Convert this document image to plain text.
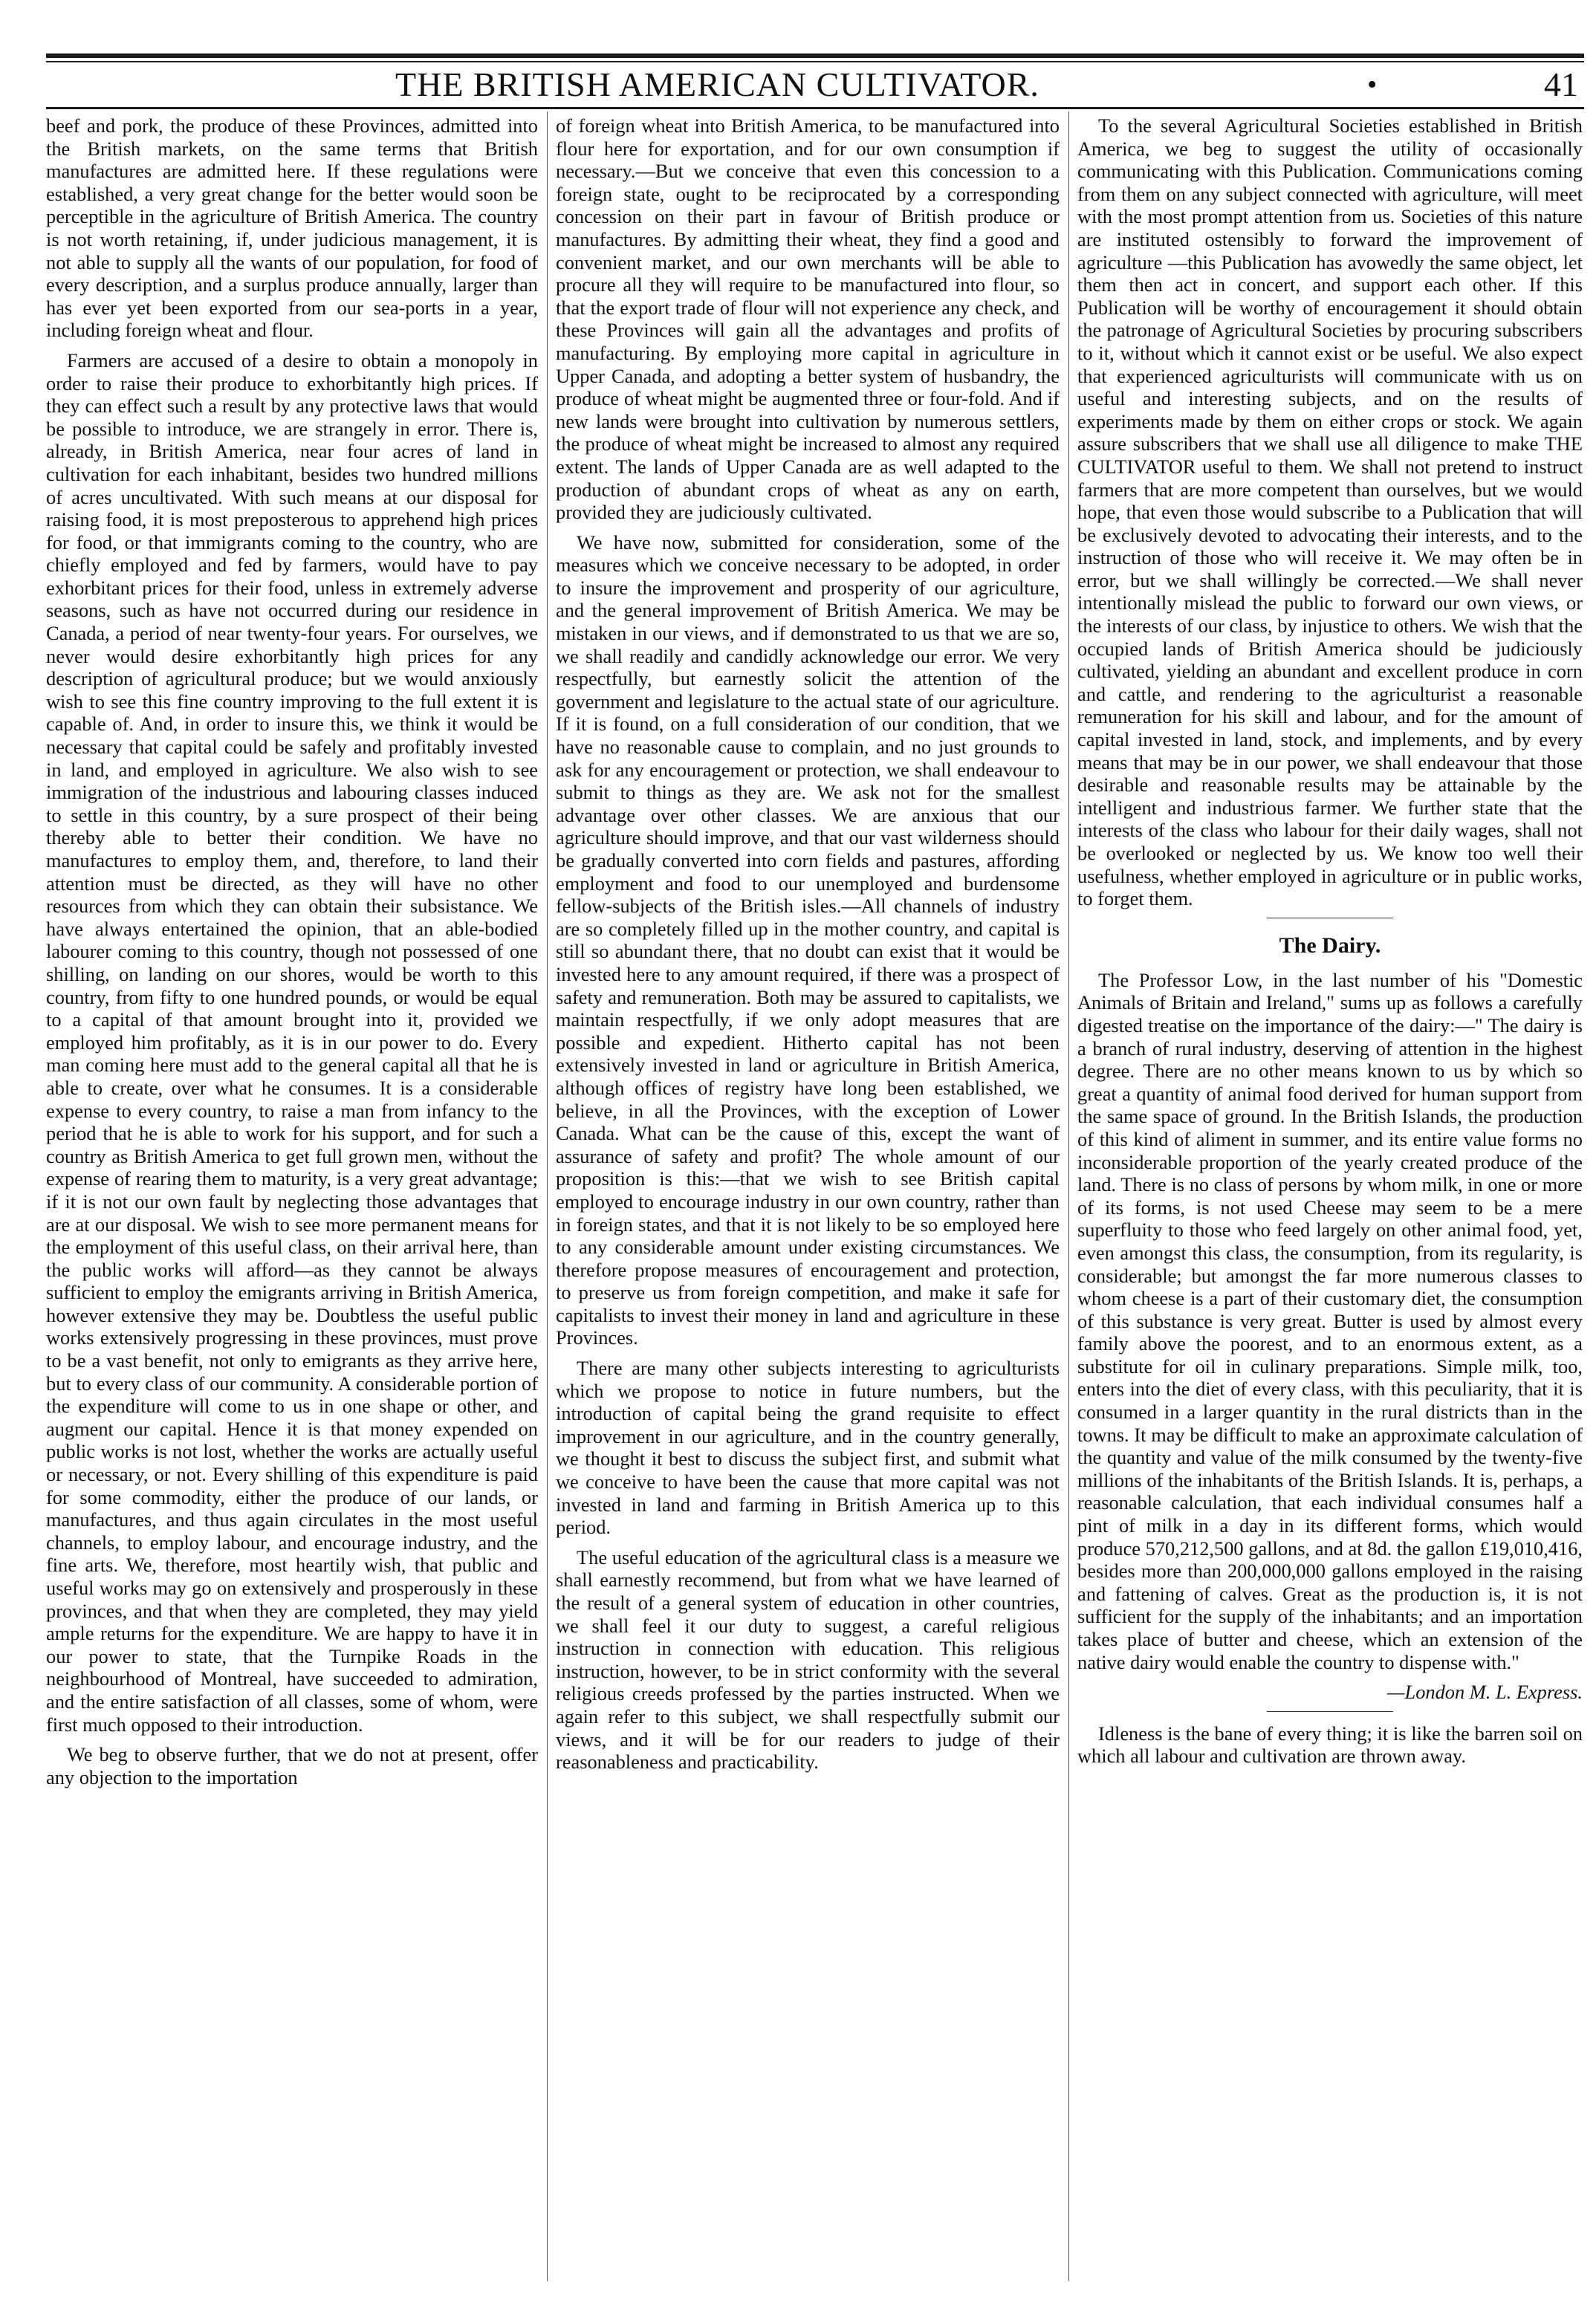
THE BRITISH AMERICAN CULTIVATOR.	•	41

beef and pork, the produce of these Provinces, admitted into the British markets, on the same terms that British manufactures are admitted here. If these regulations were established, a very great change for the better would soon be perceptible in the agriculture of British America. The country is not worth retaining, if, under judicious management, it is not able to supply all the wants of our population, for food of every description, and a surplus produce annually, larger than has ever yet been exported from our sea-ports in a year, including foreign wheat and flour.

Farmers are accused of a desire to obtain a monopoly in order to raise their produce to exhorbitantly high prices. If they can effect such a result by any protective laws that would be possible to introduce, we are strangely in error. There is, already, in British America, near four acres of land in cultivation for each inhabitant, besides two hundred millions of acres uncultivated. With such means at our disposal for raising food, it is most preposterous to apprehend high prices for food, or that immigrants coming to the country, who are chiefly employed and fed by farmers, would have to pay exhorbitant prices for their food, unless in extremely adverse seasons, such as have not occurred during our residence in Canada, a period of near twenty-four years. For ourselves, we never would desire exhorbitantly high prices for any description of agricultural produce; but we would anxiously wish to see this fine country improving to the full extent it is capable of. And, in order to insure this, we think it would be necessary that capital could be safely and profitably invested in land, and employed in agriculture. We also wish to see immigration of the industrious and labouring classes induced to settle in this country, by a sure prospect of their being thereby able to better their condition. We have no manufactures to employ them, and, therefore, to land their attention must be directed, as they will have no other resources from which they can obtain their subsistance. We have always entertained the opinion, that an able-bodied labourer coming to this country, though not possessed of one shilling, on landing on our shores, would be worth to this country, from fifty to one hundred pounds, or would be equal to a capital of that amount brought into it, provided we employed him profitably, as it is in our power to do. Every man coming here must add to the general capital all that he is able to create, over what he consumes. It is a considerable expense to every country, to raise a man from infancy to the period that he is able to work for his support, and for such a country as British America to get full grown men, without the expense of rearing them to maturity, is a very great advantage; if it is not our own fault by neglecting those advantages that are at our disposal. We wish to see more permanent means for the employment of this useful class, on their arrival here, than the public works will afford—as they cannot be always sufficient to employ the emigrants arriving in British America, however extensive they may be. Doubtless the useful public works extensively progressing in these provinces, must prove to be a vast benefit, not only to emigrants as they arrive here, but to every class of our community. A considerable portion of the expenditure will come to us in one shape or other, and augment our capital. Hence it is that money expended on public works is not lost, whether the works are actually useful or necessary, or not. Every shilling of this expenditure is paid for some commodity, either the produce of our lands, or manufactures, and thus again circulates in the most useful channels, to employ labour, and encourage industry, and the fine arts. We, therefore, most heartily wish, that public and useful works may go on extensively and prosperously in these provinces, and that when they are completed, they may yield ample returns for the expenditure. We are happy to have it in our power to state, that the Turnpike Roads in the neighbourhood of Montreal, have succeeded to admiration, and the entire satisfaction of all classes, some of whom, were first much opposed to their introduction.

We beg to observe further, that we do not at present, offer any objection to the importation

of foreign wheat into British America, to be manufactured into flour here for exportation, and for our own consumption if necessary.—But we conceive that even this concession to a foreign state, ought to be reciprocated by a corresponding concession on their part in favour of British produce or manufactures. By admitting their wheat, they find a good and convenient market, and our own merchants will be able to procure all they will require to be manufactured into flour, so that the export trade of flour will not experience any check, and these Provinces will gain all the advantages and profits of manufacturing. By employing more capital in agriculture in Upper Canada, and adopting a better system of husbandry, the produce of wheat might be augmented three or four-fold. And if new lands were brought into cultivation by numerous settlers, the produce of wheat might be increased to almost any required extent. The lands of Upper Canada are as well adapted to the production of abundant crops of wheat as any on earth, provided they are judiciously cultivated.

We have now, submitted for consideration, some of the measures which we conceive necessary to be adopted, in order to insure the improvement and prosperity of our agriculture, and the general improvement of British America. We may be mistaken in our views, and if demonstrated to us that we are so, we shall readily and candidly acknowledge our error. We very respectfully, but earnestly solicit the attention of the government and legislature to the actual state of our agriculture. If it is found, on a full consideration of our condition, that we have no reasonable cause to complain, and no just grounds to ask for any encouragement or protection, we shall endeavour to submit to things as they are. We ask not for the smallest advantage over other classes. We are anxious that our agriculture should improve, and that our vast wilderness should be gradually converted into corn fields and pastures, affording employment and food to our unemployed and burdensome fellow-subjects of the British isles.—All channels of industry are so completely filled up in the mother country, and capital is still so abundant there, that no doubt can exist that it would be invested here to any amount required, if there was a prospect of safety and remuneration. Both may be assured to capitalists, we maintain respectfully, if we only adopt measures that are possible and expedient. Hitherto capital has not been extensively invested in land or agriculture in British America, although offices of registry have long been established, we believe, in all the Provinces, with the exception of Lower Canada. What can be the cause of this, except the want of assurance of safety and profit? The whole amount of our proposition is this:—that we wish to see British capital employed to encourage industry in our own country, rather than in foreign states, and that it is not likely to be so employed here to any considerable amount under existing circumstances. We therefore propose measures of encouragement and protection, to preserve us from foreign competition, and make it safe for capitalists to invest their money in land and agriculture in these Provinces.

There are many other subjects interesting to agriculturists which we propose to notice in future numbers, but the introduction of capital being the grand requisite to effect improvement in our agriculture, and in the country generally, we thought it best to discuss the subject first, and submit what we conceive to have been the cause that more capital was not invested in land and farming in British America up to this period.

The useful education of the agricultural class is a measure we shall earnestly recommend, but from what we have learned of the result of a general system of education in other countries, we shall feel it our duty to suggest, a careful religious instruction in connection with education. This religious instruction, however, to be in strict conformity with the several religious creeds professed by the parties instructed. When we again refer to this subject, we shall respectfully submit our views, and it will be for our readers to judge of their reasonableness and practicability.

To the several Agricultural Societies established in British America, we beg to suggest the utility of occasionally communicating with this Publication. Communications coming from them on any subject connected with agriculture, will meet with the most prompt attention from us. Societies of this nature are instituted ostensibly to forward the improvement of agriculture —this Publication has avowedly the same object, let them then act in concert, and support each other. If this Publication will be worthy of encouragement it should obtain the patronage of Agricultural Societies by procuring subscribers to it, without which it cannot exist or be useful. We also expect that experienced agriculturists will communicate with us on useful and interesting subjects, and on the results of experiments made by them on either crops or stock. We again assure subscribers that we shall use all diligence to make THE CULTIVATOR useful to them. We shall not pretend to instruct farmers that are more competent than ourselves, but we would hope, that even those would subscribe to a Publication that will be exclusively devoted to advocating their interests, and to the instruction of those who will receive it. We may often be in error, but we shall willingly be corrected.—We shall never intentionally mislead the public to forward our own views, or the interests of our class, by injustice to others. We wish that the occupied lands of British America should be judiciously cultivated, yielding an abundant and excellent produce in corn and cattle, and rendering to the agriculturist a reasonable remuneration for his skill and labour, and for the amount of capital invested in land, stock, and implements, and by every means that may be in our power, we shall endeavour that those desirable and reasonable results may be attainable by the intelligent and industrious farmer. We further state that the interests of the class who labour for their daily wages, shall not be overlooked or neglected by us. We know too well their usefulness, whether employed in agriculture or in public works, to forget them.

The Dairy.

The Professor Low, in the last number of his "Domestic Animals of Britain and Ireland," sums up as follows a carefully digested treatise on the importance of the dairy:—" The dairy is a branch of rural industry, deserving of attention in the highest degree. There are no other means known to us by which so great a quantity of animal food derived for human support from the same space of ground. In the British Islands, the production of this kind of aliment in summer, and its entire value forms no inconsiderable proportion of the yearly created produce of the land. There is no class of persons by whom milk, in one or more of its forms, is not used Cheese may seem to be a mere superfluity to those who feed largely on other animal food, yet, even amongst this class, the consumption, from its regularity, is considerable; but amongst the far more numerous classes to whom cheese is a part of their customary diet, the consumption of this substance is very great. Butter is used by almost every family above the poorest, and to an enormous extent, as a substitute for oil in culinary preparations. Simple milk, too, enters into the diet of every class, with this peculiarity, that it is consumed in a larger quantity in the rural districts than in the towns. It may be difficult to make an approximate calculation of the quantity and value of the milk consumed by the twenty-five millions of the inhabitants of the British Islands. It is, perhaps, a reasonable calculation, that each individual consumes half a pint of milk in a day in its different forms, which would produce 570,212,500 gallons, and at 8d. the gallon £19,010,416, besides more than 200,000,000 gallons employed in the raising and fattening of calves. Great as the production is, it is not sufficient for the supply of the inhabitants; and an importation takes place of butter and cheese, which an extension of the native dairy would enable the country to dispense with."

—London M. L. Express.

Idleness is the bane of every thing; it is like the barren soil on which all labour and cultivation are thrown away.
